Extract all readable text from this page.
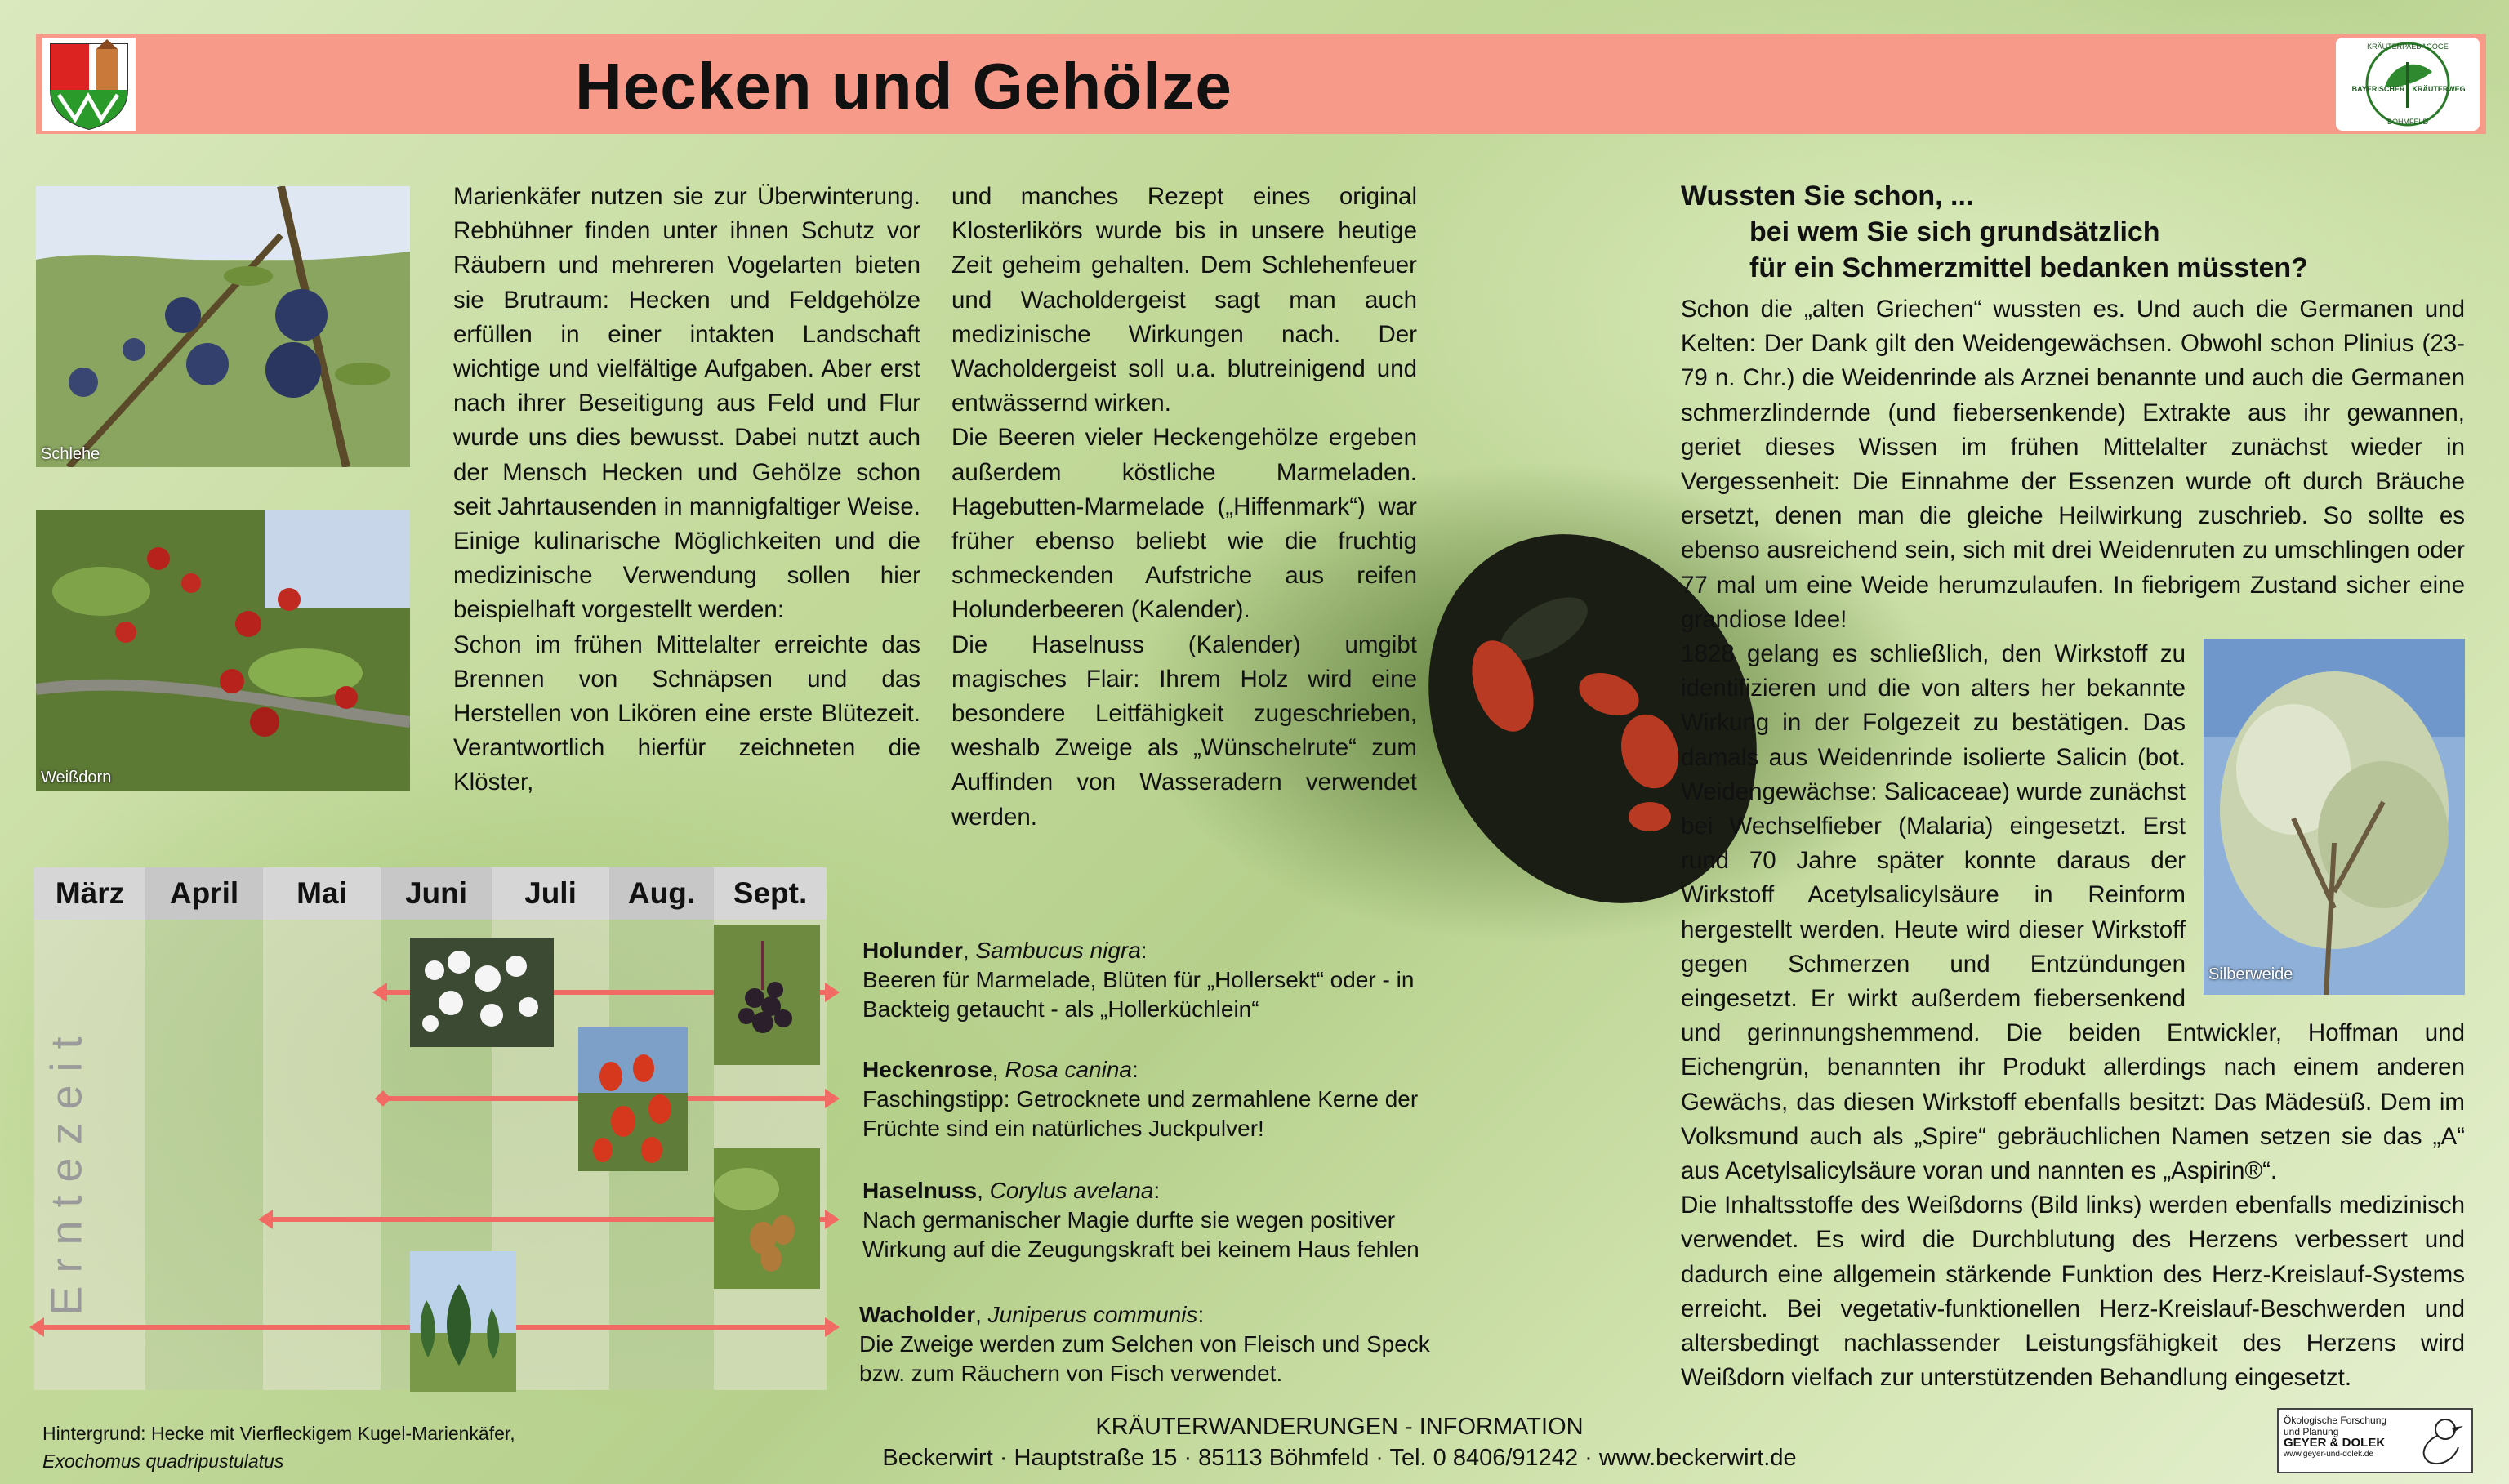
Hecken und Gehölze
KRÄUTERPAEDAGOGE
BAYERISCHER KRÄUTERWEG
BÖHMFELD
Schlehe
Weißdorn

Marienkäfer nutzen sie zur Überwinterung. Rebhühner finden unter ihnen Schutz vor Räubern und mehreren Vogelarten bieten sie Brutraum: Hecken und Feldgehölze erfüllen in einer intakten Landschaft wichtige und vielfältige Aufgaben. Aber erst nach ihrer Beseitigung aus Feld und Flur wurde uns dies bewusst. Dabei nutzt auch der Mensch Hecken und Gehölze schon seit Jahrtausenden in mannigfaltiger Weise. Einige kulinarische Möglichkeiten und die medizinische Verwendung sollen hier beispielhaft vorgestellt werden:

Schon im frühen Mittelalter erreichte das Brennen von Schnäpsen und das Herstellen von Likören eine erste Blütezeit. Verantwortlich hierfür zeichneten die Klöster,

und manches Rezept eines original Klosterlikörs wurde bis in unsere heutige Zeit geheim gehalten. Dem Schlehenfeuer und Wacholdergeist sagt man auch medizinische Wirkungen nach. Der Wacholdergeist soll u.a. blutreinigend und entwässernd wirken.

Die Beeren vieler Heckengehölze ergeben außerdem köstliche Marmeladen. Hagebutten-Marmelade („Hiffenmark“) war früher ebenso beliebt wie die fruchtig schmeckenden Aufstriche aus reifen Holunderbeeren (Kalender).

Die Haselnuss (Kalender) umgibt magisches Flair: Ihrem Holz wird eine besondere Leitfähigkeit zugeschrieben, weshalb Zweige als „Wünschelrute“ zum Auffinden von Wasseradern verwendet werden.

Wussten Sie schon, ...
bei wem Sie sich grundsätzlich
für ein Schmerzmittel bedanken müssten?

Schon die „alten Griechen“ wussten es. Und auch die Germanen und Kelten: Der Dank gilt den Weidengewächsen. Obwohl schon Plinius (23-79 n. Chr.) die Weidenrinde als Arznei benannte und auch die Germanen schmerzlindernde (und fiebersenkende) Extrakte aus ihr gewannen, geriet dieses Wissen im frühen Mittelalter zunächst wieder in Vergessenheit: Die Einnahme der Essenzen wurde oft durch Bräuche ersetzt, denen man die gleiche Heilwirkung zuschrieb. So sollte es ebenso ausreichend sein, sich mit drei Weidenruten zu umschlingen oder 77 mal um eine Weide herumzulaufen. In fiebrigem Zustand sicher eine grandiose Idee!

Silberweide

1828 gelang es schließlich, den Wirkstoff zu identifizieren und die von alters her bekannte Wirkung in der Folgezeit zu bestätigen. Das damals aus Weidenrinde isolierte Salicin (bot. Weidengewächse: Salicaceae) wurde zunächst bei Wechselfieber (Malaria) eingesetzt. Erst rund 70 Jahre später konnte daraus der Wirkstoff Acetylsalicylsäure in Reinform hergestellt werden. Heute wird dieser Wirkstoff gegen Schmerzen und Entzündungen eingesetzt. Er wirkt außerdem fiebersenkend und gerinnungshemmend. Die beiden Entwickler, Hoffman und Eichengrün, benannten ihr Produkt allerdings nach einem anderen Gewächs, das diesen Wirkstoff ebenfalls besitzt: Das Mädesüß. Dem im Volksmund auch als „Spire“ gebräuchlichen Namen setzen sie das „A“ aus Acetylsalicylsäure voran und nannten es „Aspirin®“.

Die Inhaltsstoffe des Weißdorns (Bild links) werden ebenfalls medizinisch verwendet. Es wird die Durchblutung des Herzens verbessert und dadurch eine allgemein stärkende Funktion des Herz-Kreislauf-Systems erreicht. Bei vegetativ-funktionellen Herz-Kreislauf-Beschwerden und altersbedingt nachlassender Leistungsfähigkeit des Herzens wird Weißdorn vielfach zur unterstützenden Behandlung eingesetzt.

März	April	Mai	Juni	Juli	Aug.	Sept.
Erntezeit
Holunder, Sambucus nigra:
Beeren für Marmelade, Blüten für „Hollersekt“ oder - in Backteig getaucht - als „Hollerküchlein“
Heckenrose, Rosa canina:
Faschingstipp: Getrocknete und zermahlene Kerne der Früchte sind ein natürliches Juckpulver!
Haselnuss, Corylus avelana:
Nach germanischer Magie durfte sie wegen positiver Wirkung auf die Zeugungskraft bei keinem Haus fehlen
Wacholder, Juniperus communis:
Die Zweige werden zum Selchen von Fleisch und Speck bzw. zum Räuchern von Fisch verwendet.
Hintergrund: Hecke mit Vierfleckigem Kugel-Marienkäfer,
Exochomus quadripustulatus
KRÄUTERWANDERUNGEN - INFORMATION
Beckerwirt · Hauptstraße 15 · 85113 Böhmfeld · Tel. 0 8406/91242 · www.beckerwirt.de
Ökologische Forschung
und Planung
GEYER & DOLEK
www.geyer-und-dolek.de
